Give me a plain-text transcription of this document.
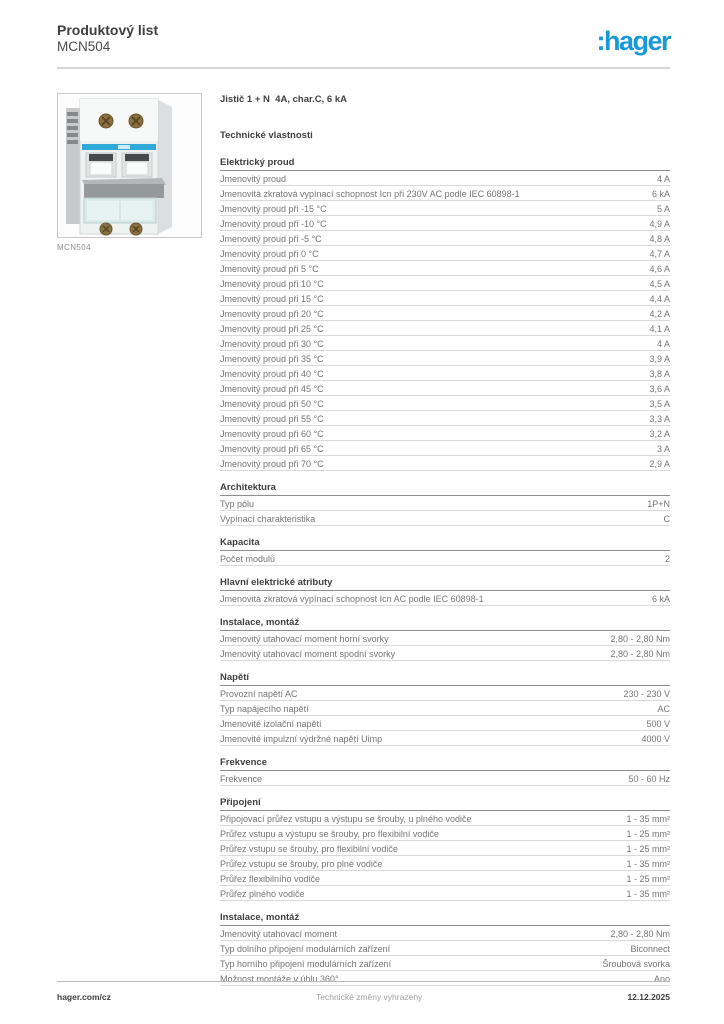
Produktový list
MCN504	:hager
MCN504
Jistič 1 + N  4A, char.C, 6 kA
Technické vlastnosti
Elektrický proud
Jmenovitý proud	4 A
Jmenovitá zkratová vypínací schopnost Icn při 230V AC podle IEC 60898-1	6 kA
Jmenovitý proud při -15 °C	5 A
Jmenovitý proud při -10 °C	4,9 A
Jmenovitý proud při -5 °C	4,8 A
Jmenovitý proud při 0 °C	4,7 A
Jmenovitý proud při 5 °C	4,6 A
Jmenovitý proud při 10 °C	4,5 A
Jmenovitý proud při 15 °C	4,4 A
Jmenovitý proud při 20 °C	4,2 A
Jmenovitý proud při 25 °C	4,1 A
Jmenovitý proud při 30 °C	4 A
Jmenovitý proud při 35 °C	3,9 A
Jmenovitý proud při 40 °C	3,8 A
Jmenovitý proud při 45 °C	3,6 A
Jmenovitý proud při 50 °C	3,5 A
Jmenovitý proud při 55 °C	3,3 A
Jmenovitý proud při 60 °C	3,2 A
Jmenovitý proud při 65 °C	3 A
Jmenovitý proud při 70 °C	2,9 A
Architektura
Typ pólu	1P+N
Vypínací charakteristika	C
Kapacita
Počet modulů	2
Hlavní elektrické atributy
Jmenovitá zkratová vypínací schopnost Icn AC podle IEC 60898-1	6 kA
Instalace, montáž
Jmenovitý utahovací moment horní svorky	2,80 - 2,80 Nm
Jmenovitý utahovací moment spodní svorky	2,80 - 2,80 Nm
Napětí
Provozní napětí AC	230 - 230 V
Typ napájecího napětí	AC
Jmenovité izolační napětí	500 V
Jmenovité impulzní výdržné napětí Uimp	4000 V
Frekvence
Frekvence	50 - 60 Hz
Připojení
Připojovací průřez vstupu a výstupu se šrouby, u plného vodiče	1 - 35 mm²
Průřez vstupu a výstupu se šrouby, pro flexibilní vodiče	1 - 25 mm²
Průřez vstupu se šrouby, pro flexibilní vodiče	1 - 25 mm²
Průřez vstupu se šrouby, pro plné vodiče	1 - 35 mm²
Průřez flexibilního vodiče	1 - 25 mm²
Průřez plného vodiče	1 - 35 mm²
Instalace, montáž
Jmenovitý utahovací moment	2,80 - 2,80 Nm
Typ dolního připojení modulárních zařízení	Biconnect
Typ horního připojení modulárních zařízení	Šroubová svorka
Možnost montáže v úhlu 360°	Ano
hager.com/cz	Technické změny vyhrazeny	12.12.2025
